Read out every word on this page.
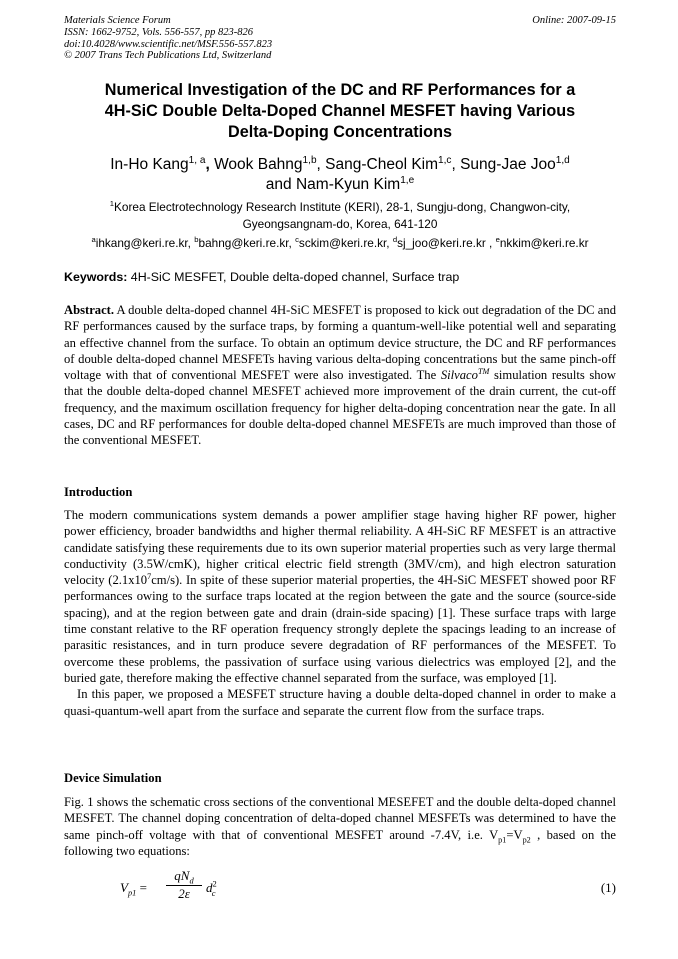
Materials Science Forum
ISSN: 1662-9752, Vols. 556-557, pp 823-826
doi:10.4028/www.scientific.net/MSF.556-557.823
© 2007 Trans Tech Publications Ltd, Switzerland
Online: 2007-09-15
Numerical Investigation of the DC and RF Performances for a
4H-SiC Double Delta-Doped Channel MESFET having Various
Delta-Doping Concentrations
In-Ho Kang$^{1, a}$, Wook Bahng$^{1,b}$, Sang-Cheol Kim$^{1,c}$, Sung-Jae Joo$^{1,d}$
and Nam-Kyun Kim$^{1,e}$
$^1$Korea Electrotechnology Research Institute (KERI), 28-1, Sungju-dong, Changwon-city,
Gyeongsangnam-do, Korea, 641-120
$^a$ihkang@keri.re.kr, $^b$bahng@keri.re.kr, $^c$sckim@keri.re.kr, $^d$sj_joo@keri.re.kr , $^e$nkkim@keri.re.kr
Keywords: 4H-SiC MESFET, Double delta-doped channel, Surface trap
Abstract. A double delta-doped channel 4H-SiC MESFET is proposed to kick out degradation of the DC and RF performances caused by the surface traps, by forming a quantum-well-like potential well and separating an effective channel from the surface. To obtain an optimum device structure, the DC and RF performances of double delta-doped channel MESFETs having various delta-doping concentrations but the same pinch-off voltage with that of conventional MESFET were also investigated. The Silvaco™ simulation results show that the double delta-doped channel MESFET achieved more improvement of the drain current, the cut-off frequency, and the maximum oscillation frequency for higher delta-doping concentration near the gate. In all cases, DC and RF performances for double delta-doped channel MESFETs are much improved than those of the conventional MESFET.
Introduction

The modern communications system demands a power amplifier stage having higher RF power, higher power efficiency, broader bandwidths and higher thermal reliability. A 4H-SiC RF MESFET is an attractive candidate satisfying these requirements due to its own superior material properties such as very large thermal conductivity (3.5W/cmK), higher critical electric field strength (3MV/cm), and high electron saturation velocity $(2.1x10^7cm/s)$. In spite of these superior material properties, the 4H-SiC MESFET showed poor RF performances owing to the surface traps located at the region between the gate and the source (source-side spacing), and at the region between gate and drain (drain-side spacing) [1]. These surface traps with large time constant relative to the RF operation frequency strongly deplete the spacings leading to an increase of parasitic resistances, and in turn produce severe degradation of RF performances of the MESFET. To overcome these problems, the passivation of surface using various dielectrics was employed [2], and the buried gate, therefore making the effective channel separated from the surface, was employed [1].

In this paper, we proposed a MESFET structure having a double delta-doped channel in order to make a quasi-quantum-well apart from the surface and separate the current flow from the surface traps.

Device Simulation

Fig. 1 shows the schematic cross sections of the conventional MESEFET and the double delta-doped channel MESFET. The channel doping concentration of delta-doped channel MESFETs was determined to have the same pinch-off voltage with that of conventional MESFET around -7.4V, i.e. $V_{p1}=V_{p2}$ , based on the following two equations:

$V_{p1}$ =
$qN_d$
2ε	$d^2_c$	(1)
